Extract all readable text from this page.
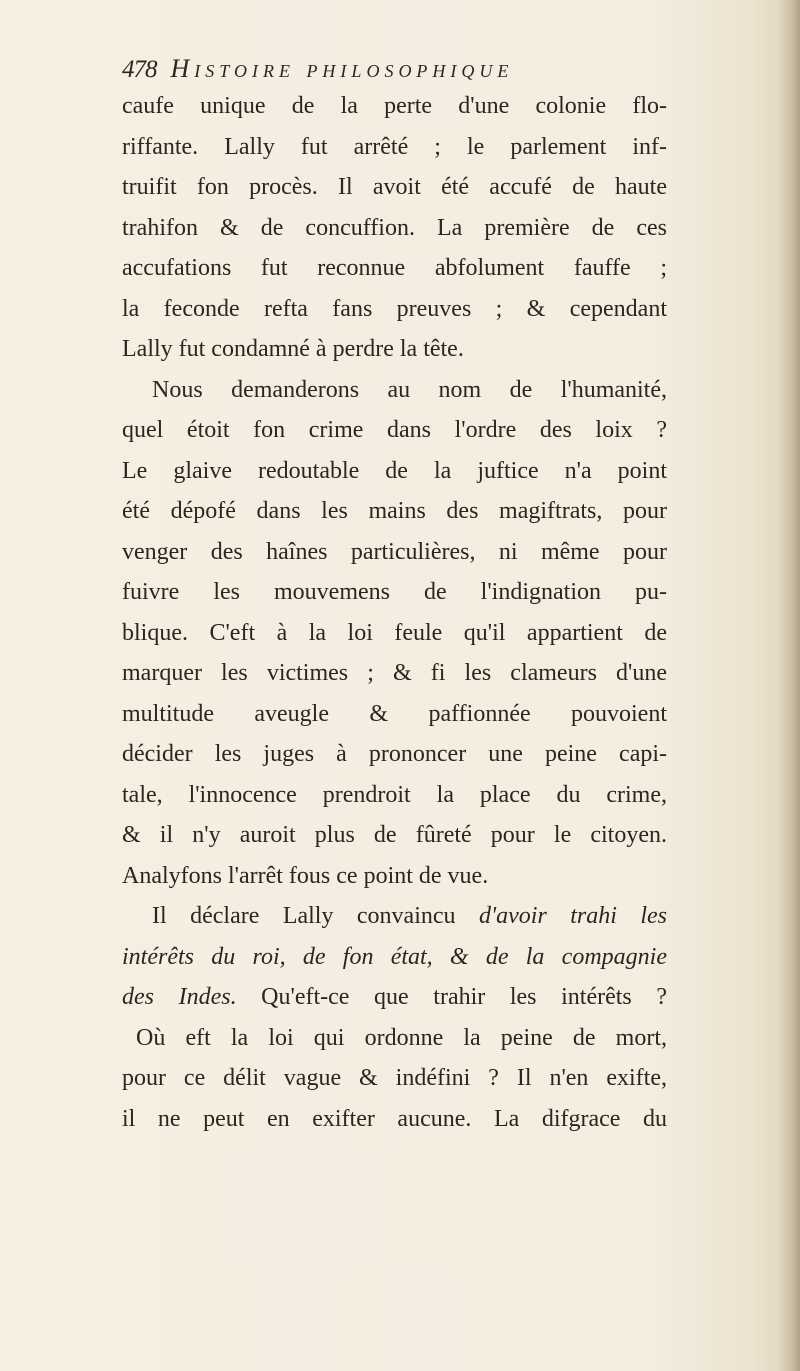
478 Histoire philosophique
caufe unique de la perte d'une colonie flo-
riffante. Lally fut arrêté ; le parlement inf-
truifit fon procès. Il avoit été accufé de haute
trahifon & de concuffion. La première de ces
accufations fut reconnue abfolument fauffe ;
la feconde refta fans preuves ; & cependant
Lally fut condamné à perdre la tête.
Nous demanderons au nom de l'humanité,
quel étoit fon crime dans l'ordre des loix ?
Le glaive redoutable de la juftice n'a point
été dépofé dans les mains des magiftrats, pour
venger des haînes particulières, ni même pour
fuivre les mouvemens de l'indignation pu-
blique. C'eft à la loi feule qu'il appartient de
marquer les victimes ; & fi les clameurs d'une
multitude aveugle & paffionnée pouvoient
décider les juges à prononcer une peine capi-
tale, l'innocence prendroit la place du crime,
& il n'y auroit plus de fûreté pour le citoyen.
Analyfons l'arrêt fous ce point de vue.
Il déclare Lally convaincu d'avoir trahi les
intérêts du roi, de fon état, & de la compagnie
des Indes. Qu'eft-ce que trahir les intérêts ?
Où eft la loi qui ordonne la peine de mort,
pour ce délit vague & indéfini ? Il n'en exifte,
il ne peut en exifter aucune. La difgrace du
